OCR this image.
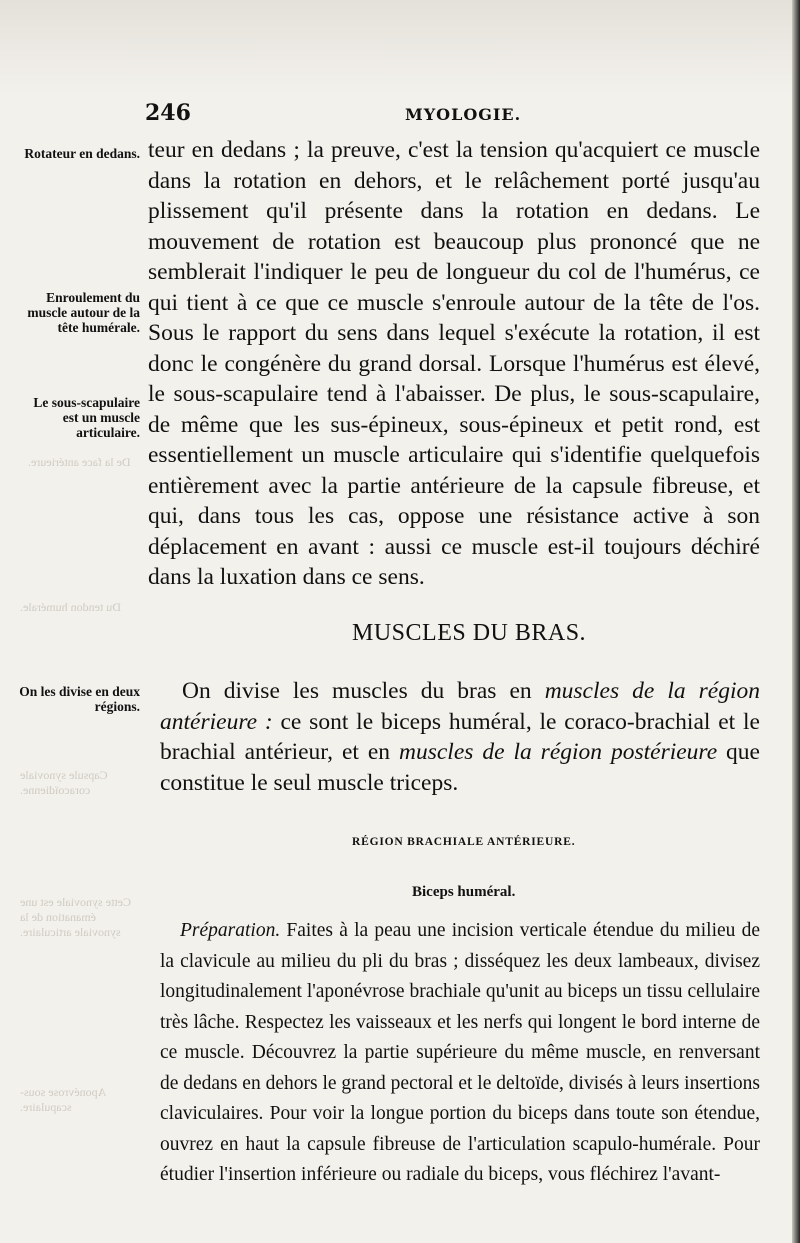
De la face antérieure.
Du tendon humérale.
Capsule synoviale coracoïdienne.
Cette synoviale est une émanation de la synoviale articulaire.
Aponévrose sous-scapulaire.
246	MYOLOGIE.
Rotateur en dedans.
Enroulement du muscle autour de la tête humérale.
Le sous-scapulaire est un muscle articulaire.
On les divise en deux régions.

teur en dedans ; la preuve, c'est la tension qu'acquiert ce muscle dans la rotation en dehors, et le relâchement porté jusqu'au plissement qu'il présente dans la rotation en dedans. Le mouvement de rotation est beaucoup plus prononcé que ne semblerait l'indiquer le peu de longueur du col de l'humérus, ce qui tient à ce que ce muscle s'enroule autour de la tête de l'os. Sous le rapport du sens dans lequel s'exécute la rotation, il est donc le congénère du grand dorsal. Lorsque l'humérus est élevé, le sous-scapulaire tend à l'abaisser. De plus, le sous-scapulaire, de même que les sus-épineux, sous-épineux et petit rond, est essentiellement un muscle articulaire qui s'identifie quelquefois entièrement avec la partie antérieure de la capsule fibreuse, et qui, dans tous les cas, oppose une résistance active à son déplacement en avant : aussi ce muscle est-il toujours déchiré dans la luxation dans ce sens.

MUSCLES DU BRAS.

On divise les muscles du bras en muscles de la région antérieure : ce sont le biceps huméral, le coraco-brachial et le brachial antérieur, et en muscles de la région postérieure que constitue le seul muscle triceps.

RÉGION BRACHIALE ANTÉRIEURE.
Biceps huméral.

Préparation. Faites à la peau une incision verticale étendue du milieu de la clavicule au milieu du pli du bras ; disséquez les deux lambeaux, divisez longitudinalement l'aponévrose brachiale qu'unit au biceps un tissu cellulaire très lâche. Respectez les vaisseaux et les nerfs qui longent le bord interne de ce muscle. Découvrez la partie supérieure du même muscle, en renversant de dedans en dehors le grand pectoral et le deltoïde, divisés à leurs insertions claviculaires. Pour voir la longue portion du biceps dans toute son étendue, ouvrez en haut la capsule fibreuse de l'articulation scapulo-humérale. Pour étudier l'insertion inférieure ou radiale du biceps, vous fléchirez l'avant-
